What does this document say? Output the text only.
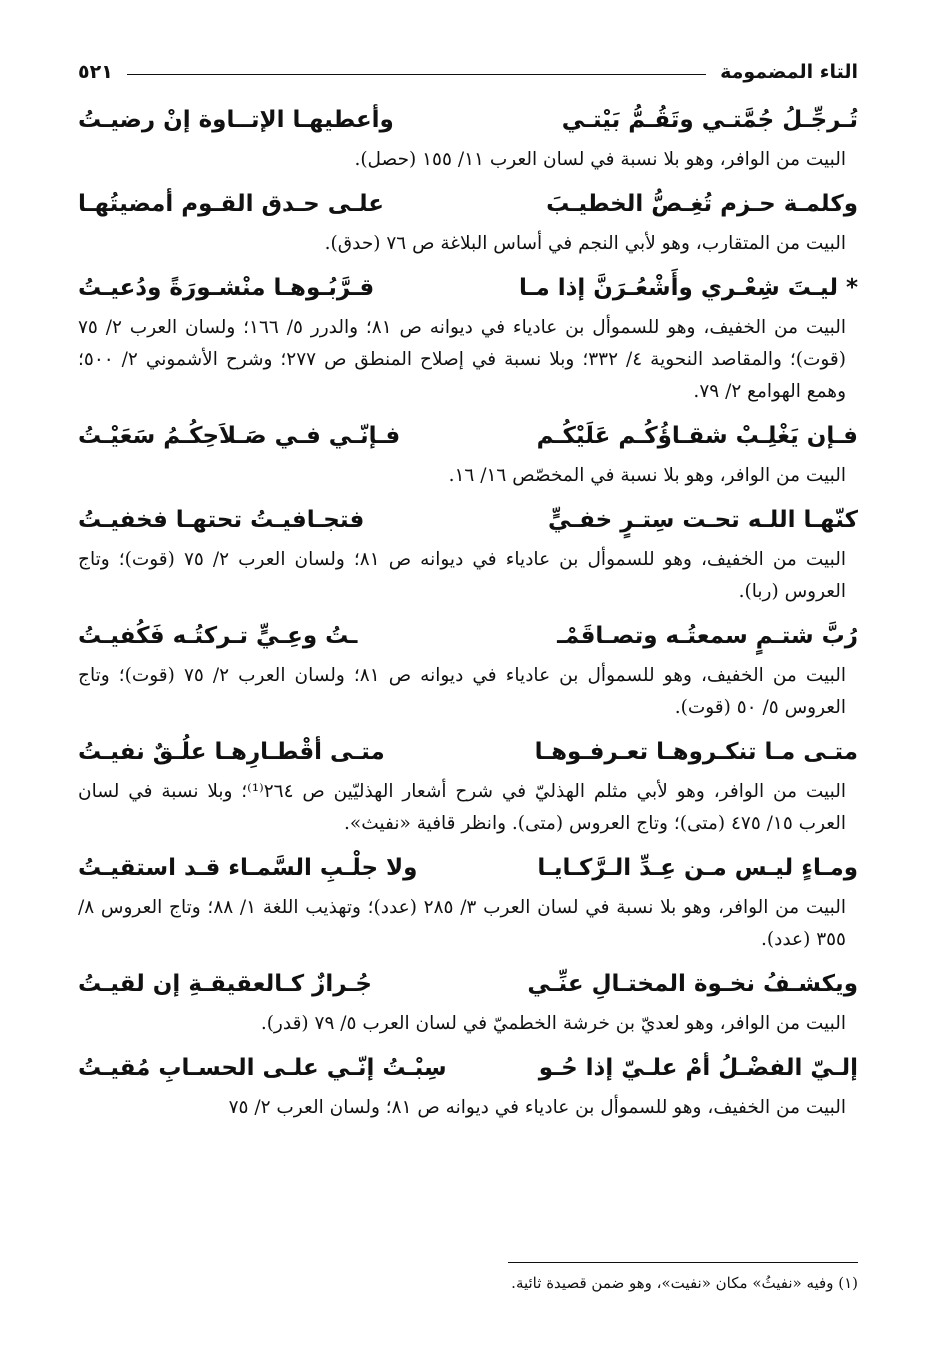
التاء المضمومة
٥٢١
تُـرجِّـلُ جُمَّتـي وتَقُـمُّ بَيْتـي
وأعطيهـا الإتــاوة إنْ رضيـتُ

البيت من الوافر، وهو بلا نسبة في لسان العرب ١١/ ١٥٥ (حصل).

وكلمـة حـزم تُغِـصُّ الخطيـبَ
علـى حـدق القـوم أمضيتُهـا

البيت من المتقارب، وهو لأبي النجم في أساس البلاغة ص ٧٦ (حدق).

* ليـتَ شِعْـري وأَشْعُـرَنَّ إذا مـا
قـرَّبُـوهـا منْشـورَةً ودُعيـتُ

البيت من الخفيف، وهو للسموأل بن عادياء في ديوانه ص ٨١؛ والدرر ٥/ ١٦٦؛ ولسان العرب ٢/ ٧٥ (قوت)؛ والمقاصد النحوية ٤/ ٣٣٢؛ وبلا نسبة في إصلاح المنطق ص ٢٧٧؛ وشرح الأشموني ٢/ ٥٠٠؛ وهمع الهوامع ٢/ ٧٩.

فـإن يَغْلِـبْ شقـاؤُكُـم عَلَيْكُـم
فـإنّـي فـي صَـلاَحِكُـمُ سَعَيْـتُ

البيت من الوافر، وهو بلا نسبة في المخصّص ١٦/ ١٦.

كنّهـا اللـه تحـت سِتـرٍ خفـيٍّ
فتجـافيـتُ تحتهـا فخفيـتُ

البيت من الخفيف، وهو للسموأل بن عادياء في ديوانه ص ٨١؛ ولسان العرب ٢/ ٧٥ (قوت)؛ وتاج العروس (ربا).

رُبَّ شتـمٍ سمعتُـه وتصـاقَمْـ
ـتُ وعِـيٍّ تـركتُـه فَكُفيـتُ

البيت من الخفيف، وهو للسموأل بن عادياء في ديوانه ص ٨١؛ ولسان العرب ٢/ ٧٥ (قوت)؛ وتاج العروس ٥/ ٥٠ (قوت).

متـى مـا تنكـروهـا تعـرفـوهـا
متـى أقْطـارِهـا علُـقٌ نفيـتُ

البيت من الوافر، وهو لأبي مثلم الهذليّ في شرح أشعار الهذليّين ص ٢٦٤⁽¹⁾؛ وبلا نسبة في لسان العرب ١٥/ ٤٧٥ (متى)؛ وتاج العروس (متى). وانظر قافية «نفيث».

ومـاءٍ ليـس مـن عِـدِّ الـرَّكـايـا
ولا جلْـبِ السَّمـاء قـد استقيـتُ

البيت من الوافر، وهو بلا نسبة في لسان العرب ٣/ ٢٨٥ (عدد)؛ وتهذيب اللغة ١/ ٨٨؛ وتاج العروس ٨/ ٣٥٥ (عدد).

ويكشـفُ نخـوة المختـالِ عنِّـي
جُـرازٌ كـالعقيقـةِ إن لقيـتُ

البيت من الوافر، وهو لعديّ بن خرشة الخطميّ في لسان العرب ٥/ ٧٩ (قدر).

إلـيّ الفضْـلُ أمْ علـيّ إذا حُـو
سِبْـتُ إنّـي علـى الحسـابِ مُقيـتُ

البيت من الخفيف، وهو للسموأل بن عادياء في ديوانه ص ٨١؛ ولسان العرب ٢/ ٧٥

(١) وفيه «نفيثُ» مكان «نفيت»، وهو ضمن قصيدة ثائية.
